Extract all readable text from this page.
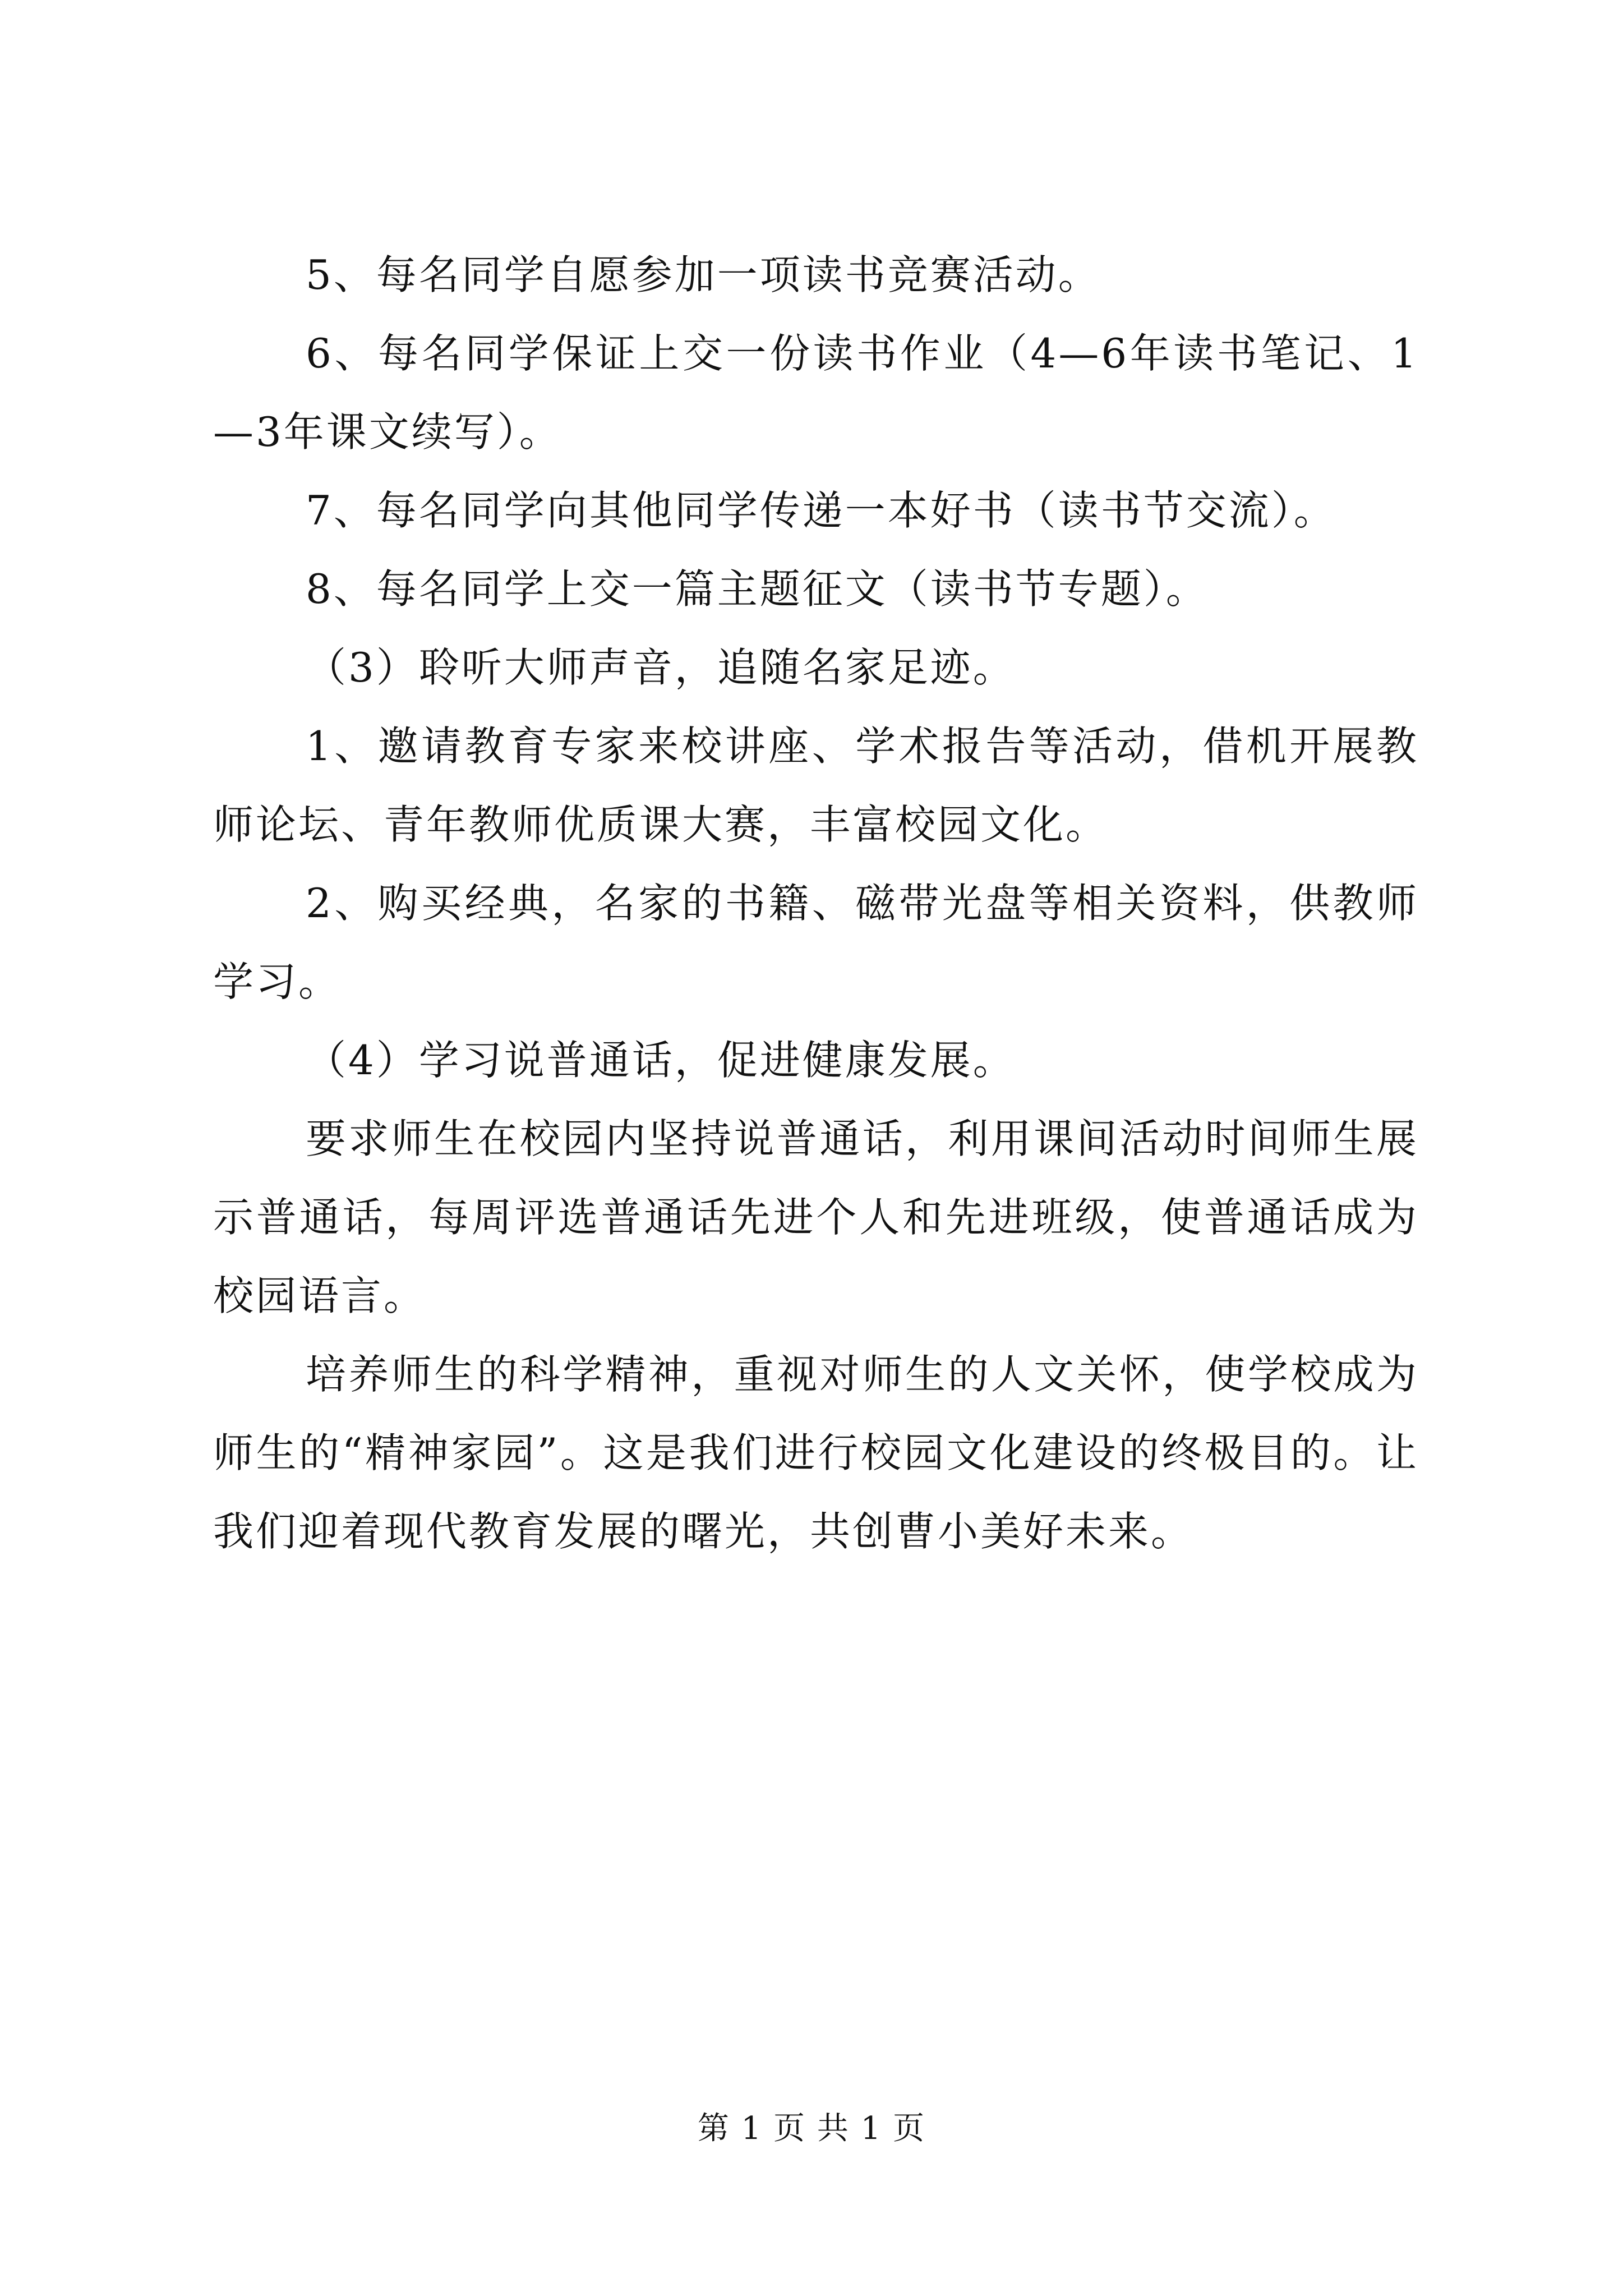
5、每名同学自愿参加一项读书竞赛活动。

6、每名同学保证上交一份读书作业（4—6年读书笔记、1—3年课文续写）。

7、每名同学向其他同学传递一本好书（读书节交流）。

8、每名同学上交一篇主题征文（读书节专题）。

（3）聆听大师声音，追随名家足迹。

1、邀请教育专家来校讲座、学术报告等活动，借机开展教师论坛、青年教师优质课大赛，丰富校园文化。

2、购买经典，名家的书籍、磁带光盘等相关资料，供教师学习。

（4）学习说普通话，促进健康发展。

要求师生在校园内坚持说普通话，利用课间活动时间师生展示普通话，每周评选普通话先进个人和先进班级，使普通话成为校园语言。

培养师生的科学精神，重视对师生的人文关怀，使学校成为师生的“精神家园”。这是我们进行校园文化建设的终极目的。让我们迎着现代教育发展的曙光，共创曹小美好未来。

第 1 页 共 1 页
